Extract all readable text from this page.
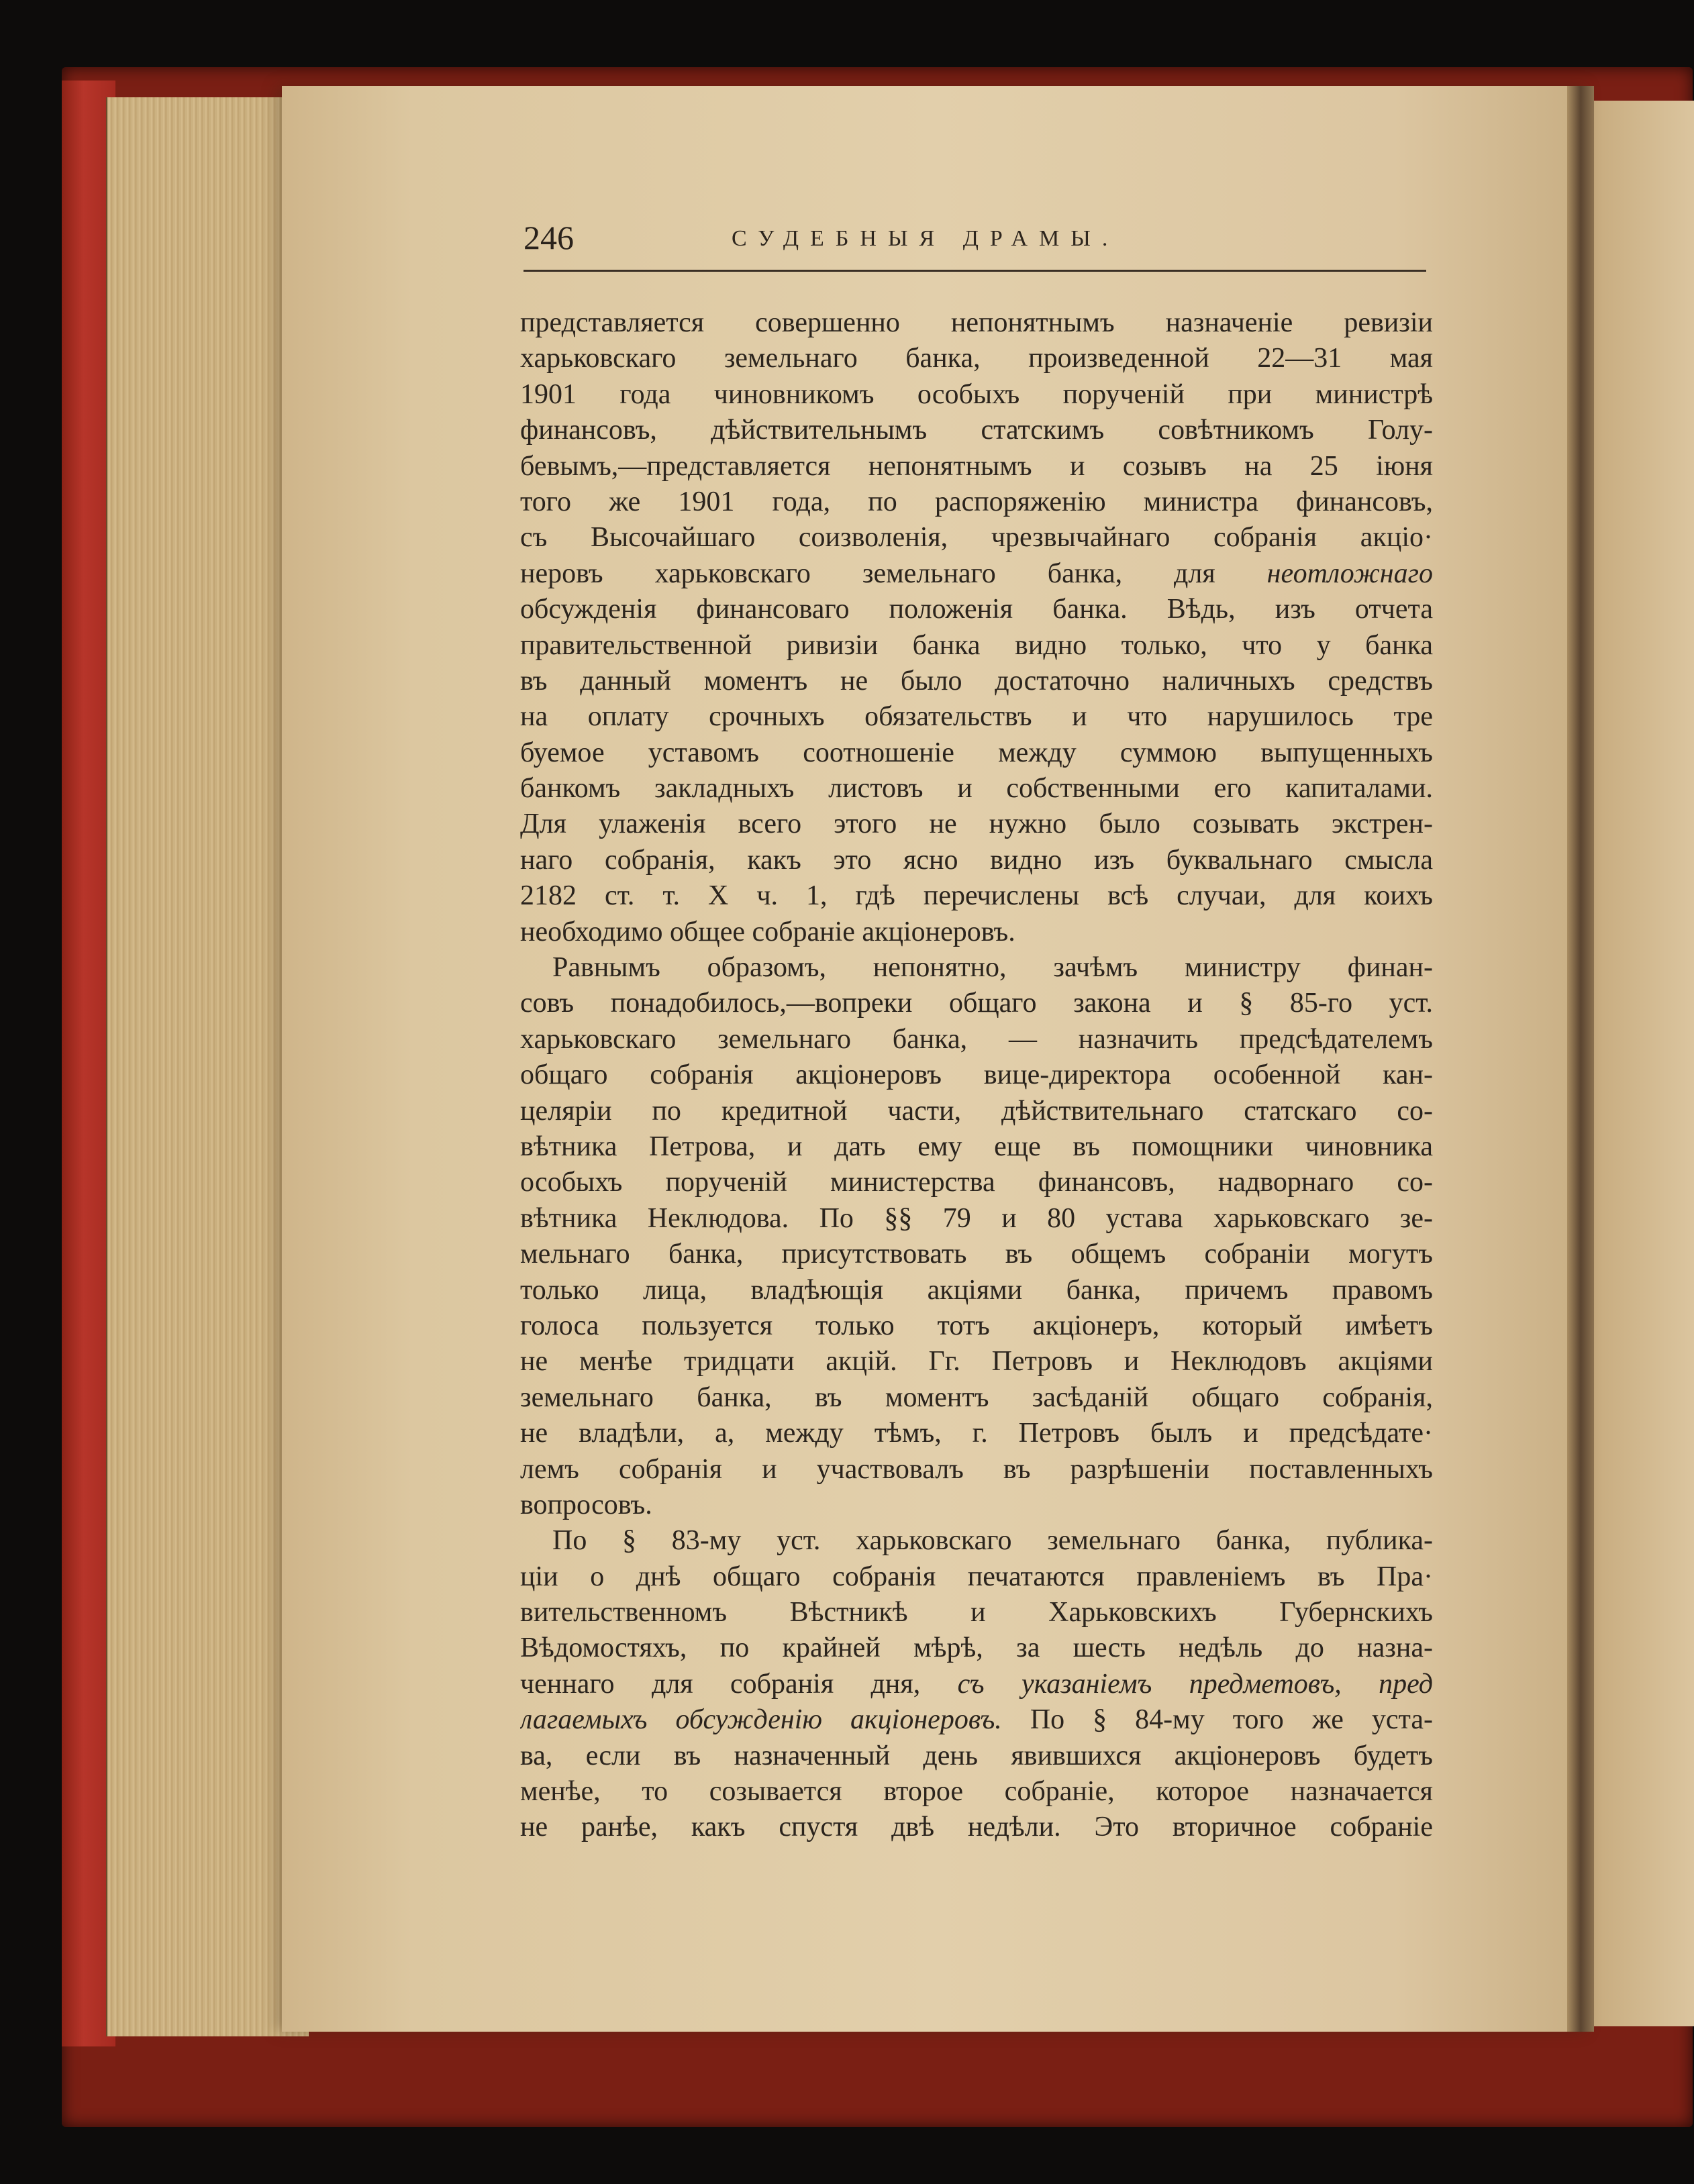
246	СУДЕБНЫЯ ДРАМЫ.
представляется совершенно непонятнымъ назначеніе ревизіи
харьковскаго земельнаго банка, произведенной 22—31 мая
1901 года чиновникомъ особыхъ порученій при министрѣ
финансовъ, дѣйствительнымъ статскимъ совѣтникомъ Голу-
бевымъ,—представляется непонятнымъ и созывъ на 25 іюня
того же 1901 года, по распоряженію министра финансовъ,
съ Высочайшаго соизволенія, чрезвычайнаго собранія акціо·
неровъ харьковскаго земельнаго банка, для неотложнаго
обсужденія финансоваго положенія банка. Вѣдь, изъ отчета
правительственной ривизіи банка видно только, что у банка
въ данный моментъ не было достаточно наличныхъ средствъ
на оплату срочныхъ обязательствъ и что нарушилось тре
буемое уставомъ соотношеніе между суммою выпущенныхъ
банкомъ закладныхъ листовъ и собственными его капиталами.
Для улаженія всего этого не нужно было созывать экстрен-
наго собранія, какъ это ясно видно изъ буквальнаго смысла
2182 ст. т. X ч. 1, гдѣ перечислены всѣ случаи, для коихъ
необходимо общее собраніе акціонеровъ.
Равнымъ образомъ, непонятно, зачѣмъ министру финан-
совъ понадобилось,—вопреки общаго закона и § 85-го уст.
харьковскаго земельнаго банка, — назначить предсѣдателемъ
общаго собранія акціонеровъ вице-директора особенной кан-
целяріи по кредитной части, дѣйствительнаго статскаго со-
вѣтника Петрова, и дать ему еще въ помощники чиновника
особыхъ порученій министерства финансовъ, надворнаго со-
вѣтника Неклюдова. По §§ 79 и 80 устава харьковскаго зе-
мельнаго банка, присутствовать въ общемъ собраніи могутъ
только лица, владѣющія акціями банка, причемъ правомъ
голоса пользуется только тотъ акціонеръ, который имѣетъ
не менѣе тридцати акцій. Гг. Петровъ и Неклюдовъ акціями
земельнаго банка, въ моментъ засѣданій общаго собранія,
не владѣли, а, между тѣмъ, г. Петровъ былъ и предсѣдате·
лемъ собранія и участвовалъ въ разрѣшеніи поставленныхъ
вопросовъ.
По § 83-му уст. харьковскаго земельнаго банка, публика-
ціи о днѣ общаго собранія печатаются правленіемъ въ Пра·
вительственномъ Вѣстникѣ и Харьковскихъ Губернскихъ
Вѣдомостяхъ, по крайней мѣрѣ, за шесть недѣль до назна-
ченнаго для собранія дня, съ указаніемъ предметовъ, пред
лагаемыхъ обсужденію акціонеровъ. По § 84-му того же уста-
ва, если въ назначенный день явившихся акціонеровъ будетъ
менѣе, то созывается второе собраніе, которое назначается
не ранѣе, какъ спустя двѣ недѣли. Это вторичное собраніе
